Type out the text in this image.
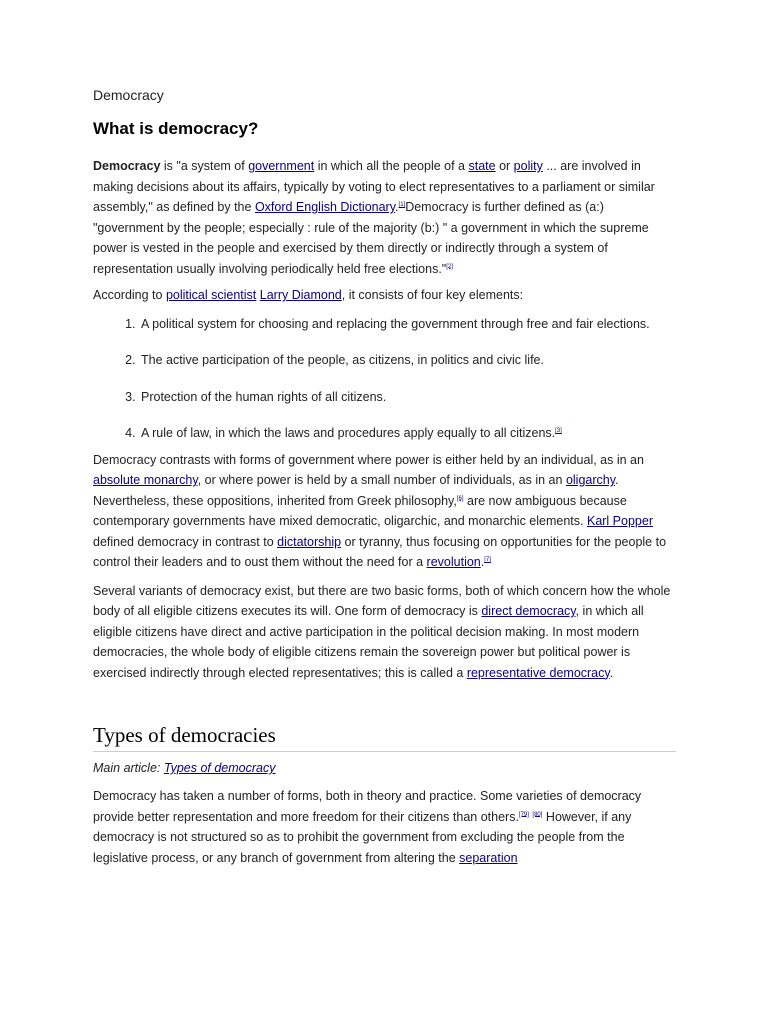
Democracy
What is democracy?

Democracy is "a system of government in which all the people of a state or polity ... are involved in making decisions about its affairs, typically by voting to elect representatives to a parliament or similar assembly," as defined by the Oxford English Dictionary.[1]Democracy is further defined as (a:) "government by the people; especially : rule of the majority (b:) " a government in which the supreme power is vested in the people and exercised by them directly or indirectly through a system of representation usually involving periodically held free elections."[2]

According to political scientist Larry Diamond, it consists of four key elements:

1. A political system for choosing and replacing the government through free and fair elections.
2. The active participation of the people, as citizens, in politics and civic life.
3. Protection of the human rights of all citizens.
4. A rule of law, in which the laws and procedures apply equally to all citizens.[3]

Democracy contrasts with forms of government where power is either held by an individual, as in an absolute monarchy, or where power is held by a small number of individuals, as in an oligarchy. Nevertheless, these oppositions, inherited from Greek philosophy,[6] are now ambiguous because contemporary governments have mixed democratic, oligarchic, and monarchic elements. Karl Popper defined democracy in contrast to dictatorship or tyranny, thus focusing on opportunities for the people to control their leaders and to oust them without the need for a revolution.[7]

Several variants of democracy exist, but there are two basic forms, both of which concern how the whole body of all eligible citizens executes its will. One form of democracy is direct democracy, in which all eligible citizens have direct and active participation in the political decision making. In most modern democracies, the whole body of eligible citizens remain the sovereign power but political power is exercised indirectly through elected representatives; this is called a representative democracy.

Types of democracies
Main article: Types of democracy

Democracy has taken a number of forms, both in theory and practice. Some varieties of democracy provide better representation and more freedom for their citizens than others.[79] [80] However, if any democracy is not structured so as to prohibit the government from excluding the people from the legislative process, or any branch of government from altering the separation
